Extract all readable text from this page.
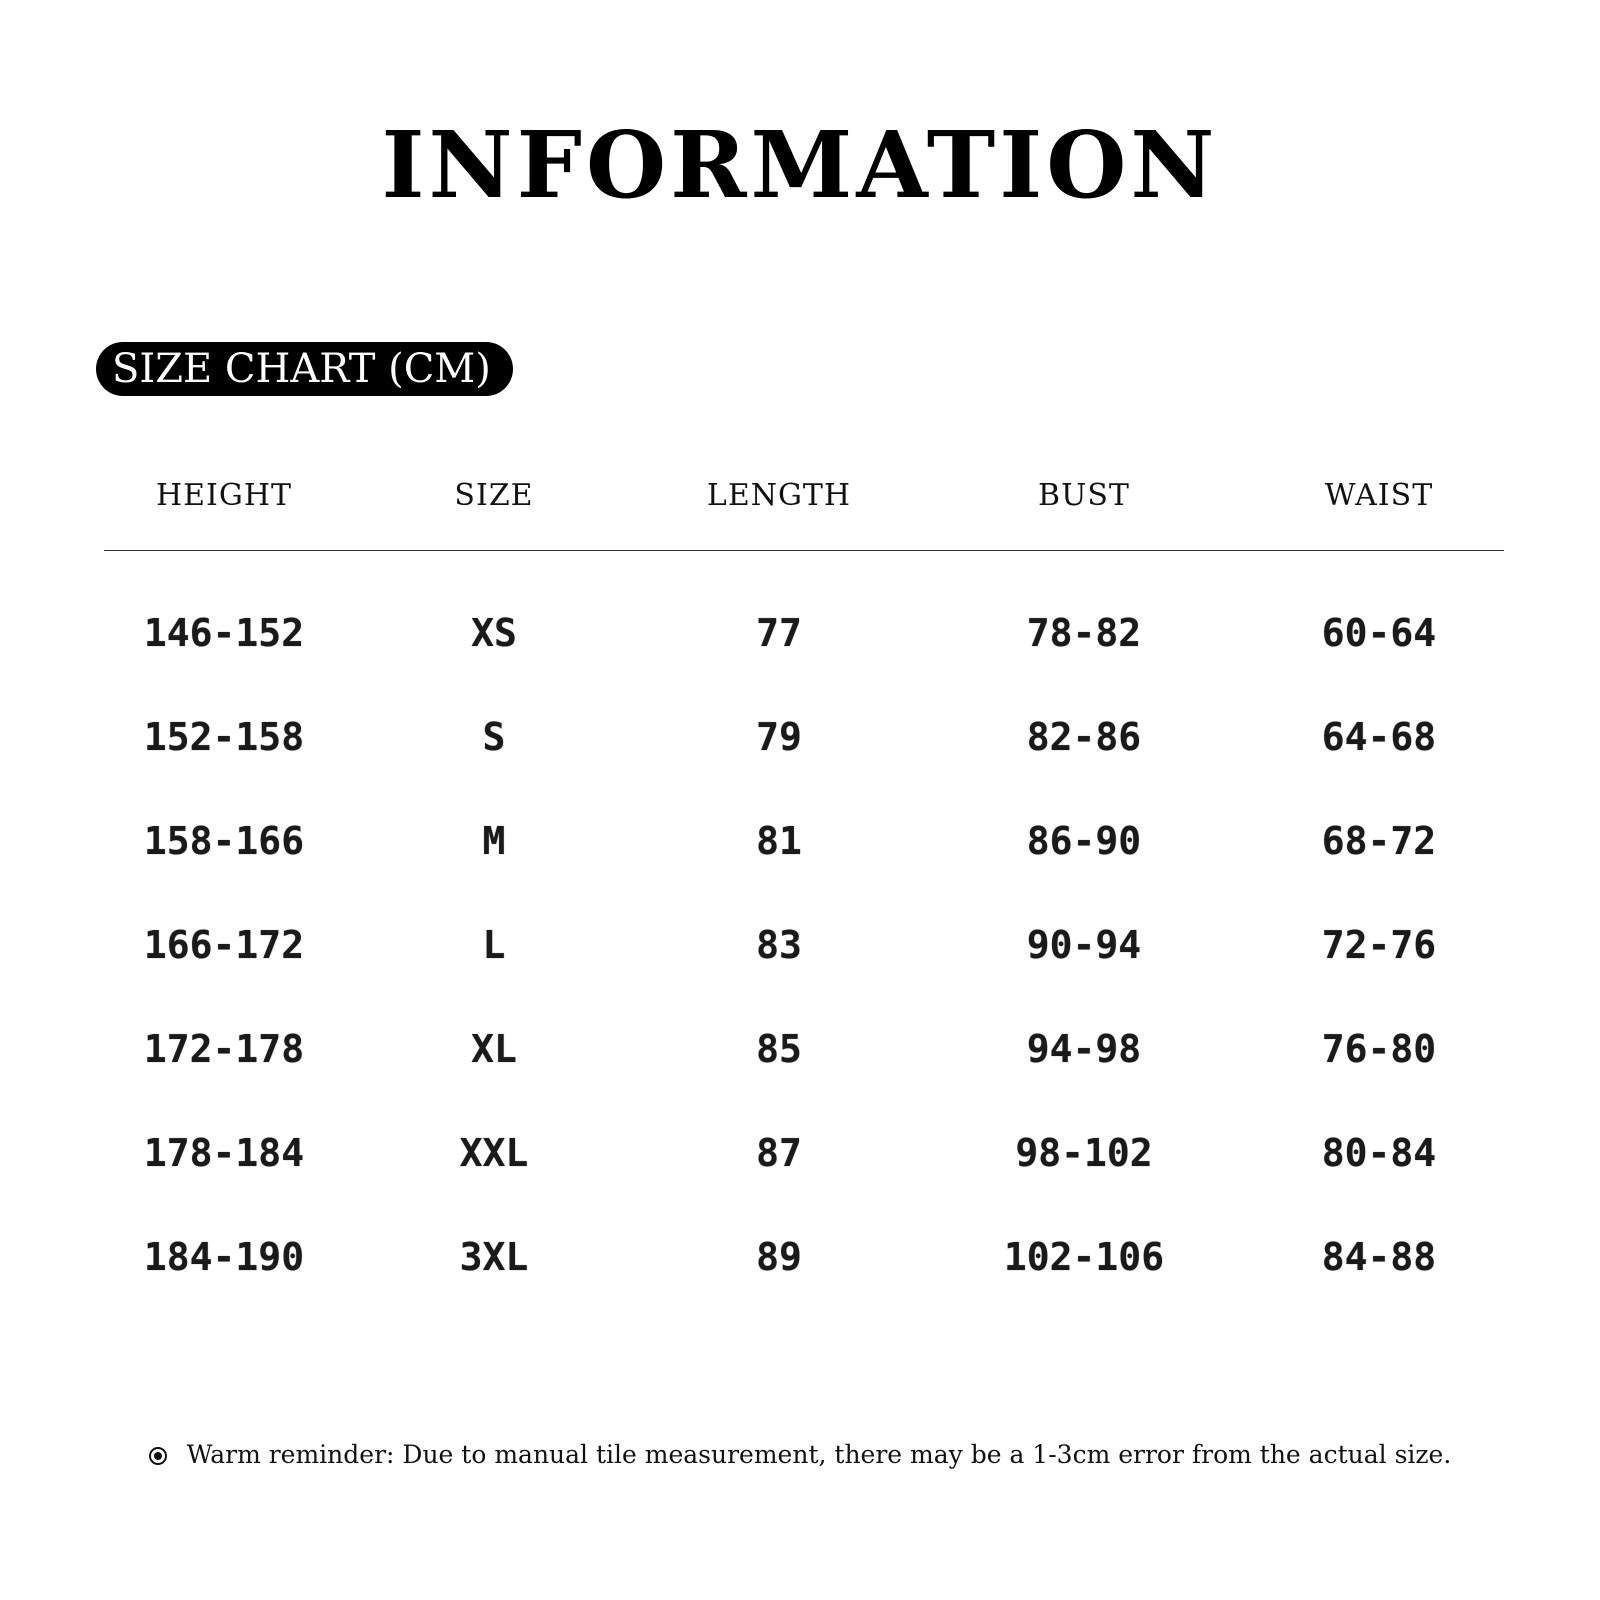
INFORMATION
SIZE CHART (CM)
HEIGHT	SIZE	LENGTH	BUST	WAIST
146-152	XS	77	78-82	60-64
152-158	S	79	82-86	64-68
158-166	M	81	86-90	68-72
166-172	L	83	90-94	72-76
172-178	XL	85	94-98	76-80
178-184	XXL	87	98-102	80-84
184-190	3XL	89	102-106	84-88
Warm reminder: Due to manual tile measurement, there may be a 1-3cm error from the actual size.
